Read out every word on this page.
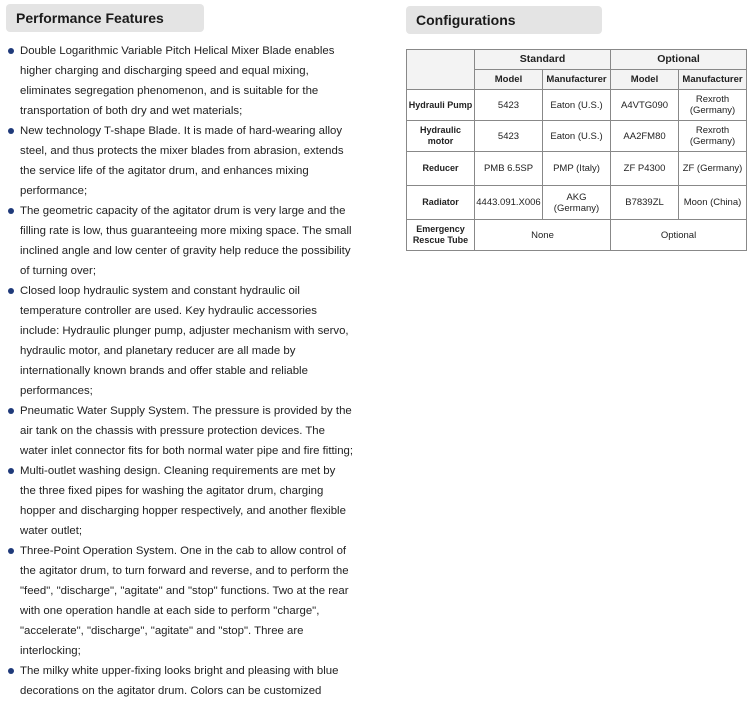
Performance Features
Double Logarithmic Variable Pitch Helical Mixer Blade enables higher charging and discharging speed and equal mixing, eliminates segregation phenomenon, and is suitable for the transportation of both dry and wet materials;
New technology T-shape Blade. It is made of hard-wearing alloy steel, and thus protects the mixer blades from abrasion, extends the service life of the agitator drum, and enhances mixing performance;
The geometric capacity of the agitator drum is very large and the filling rate is low, thus guaranteeing more mixing space. The small inclined angle and low center of gravity help reduce the possibility of turning over;
Closed loop hydraulic system and constant hydraulic oil temperature controller are used. Key hydraulic accessories include: Hydraulic plunger pump, adjuster mechanism with servo, hydraulic motor, and planetary reducer are all made by internationally known brands and offer stable and reliable performances;
Pneumatic Water Supply System. The pressure is provided by the air tank on the chassis with pressure protection devices. The water inlet connector fits for both normal water pipe and fire fitting;
Multi-outlet washing design. Cleaning requirements are met by the three fixed pipes for washing the agitator drum, charging hopper and discharging hopper respectively, and another flexible water outlet;
Three-Point Operation System. One in the cab to allow control of the agitator drum, to turn forward and reverse, and to perform the "feed", "discharge", "agitate" and "stop" functions. Two at the rear with one operation handle at each side to perform "charge", "accelerate", "discharge", "agitate" and "stop". Three are interlocking;
The milky white upper-fixing looks bright and pleasing with blue decorations on the agitator drum. Colors can be customized
Configurations
	Standard		Optional	
	Model	Manufacturer	Model	Manufacturer
Hydrauli Pump	5423	Eaton (U.S.)	A4VTG090	Rexroth (Germany)
Hydraulic motor	5423	Eaton (U.S.)	AA2FM80	Rexroth (Germany)
Reducer	PMB 6.5SP	PMP (Italy)	ZF P4300	ZF (Germany)
Radiator	4443.091.X006	AKG (Germany)	B7839ZL	Moon (China)
Emergency Rescue Tube	None		Optional	
